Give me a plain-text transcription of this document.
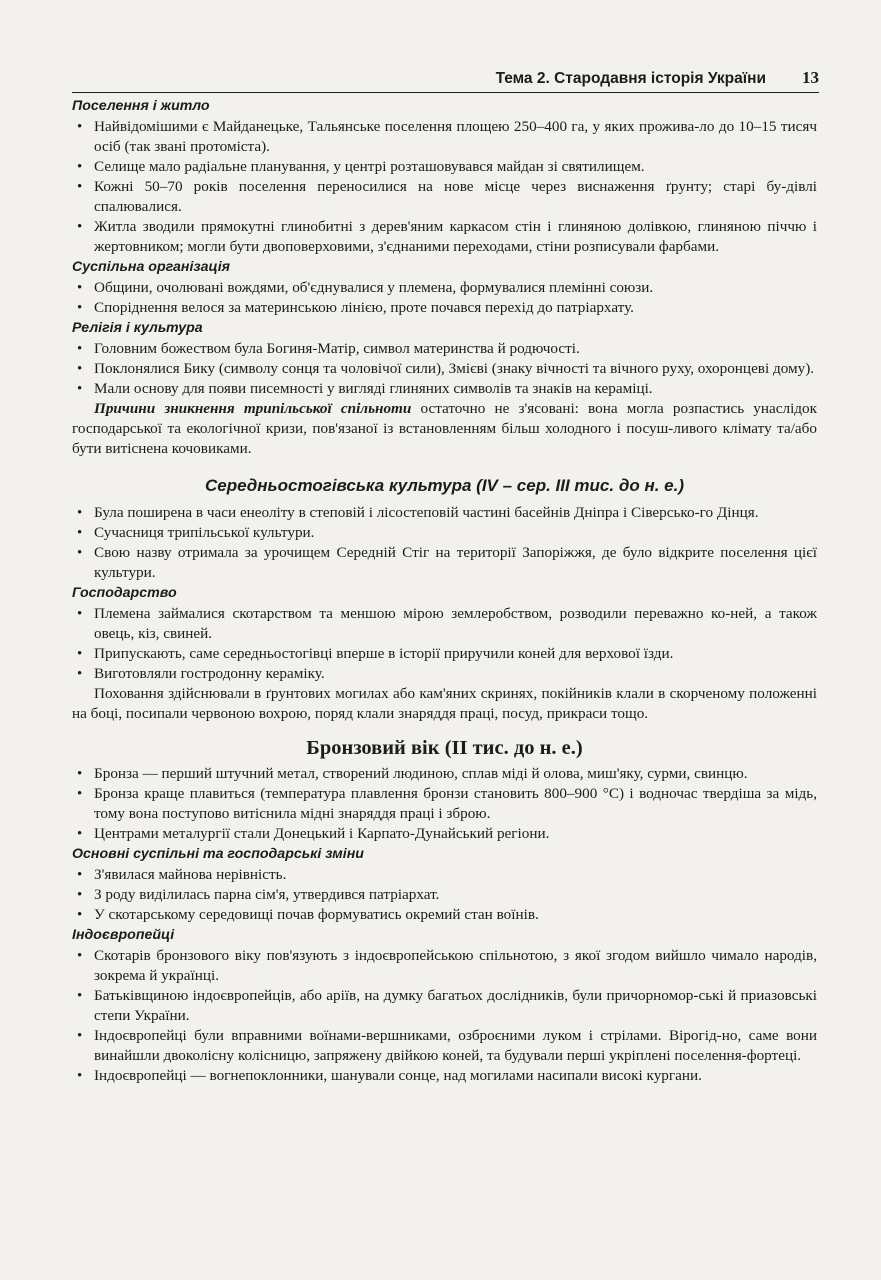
Тема 2. Стародавня історія України	13
Поселення і житло
• Найвідомішими є Майданецьке, Тальянське поселення площею 250–400 га, у яких прожива-ло до 10–15 тисяч осіб (так звані протоміста).
• Селище мало радіальне планування, у центрі розташовувався майдан зі святилищем.
• Кожні 50–70 років поселення переносилися на нове місце через виснаження ґрунту; старі бу-дівлі спалювалися.
• Житла зводили прямокутні глинобитні з дерев'яним каркасом стін і глиняною долівкою, глиняною піччю і жертовником; могли бути двоповерховими, з'єднаними переходами, стіни розписували фарбами.
Суспільна організація
• Общини, очолювані вождями, об'єднувалися у племена, формувалися племінні союзи.
• Споріднення велося за материнською лінією, проте почався перехід до патріархату.
Релігія і культура
• Головним божеством була Богиня-Матір, символ материнства й родючості.
• Поклонялися Бику (символу сонця та чоловічої сили), Змієві (знаку вічності та вічного руху, охоронцеві дому).
• Мали основу для появи писемності у вигляді глиняних символів та знаків на кераміці.

Причини зникнення трипільської спільноти остаточно не з'ясовані: вона могла розпастись унаслідок господарської та екологічної кризи, пов'язаної із встановленням більш холодного і посуш-ливого клімату та/або бути витіснена кочовиками.

Середньостогівська культура (IV – сер. III тис. до н. е.)
• Була поширена в часи енеоліту в степовій і лісостеповій частині басейнів Дніпра і Сіверсько-го Дінця.
• Сучасниця трипільської культури.
• Свою назву отримала за урочищем Середній Стіг на території Запоріжжя, де було відкрите поселення цієї культури.
Господарство
• Племена займалися скотарством та меншою мірою землеробством, розводили переважно ко-ней, а також овець, кіз, свиней.
• Припускають, саме середньостогівці вперше в історії приручили коней для верхової їзди.
• Виготовляли гостродонну кераміку.

Поховання здійснювали в ґрунтових могилах або кам'яних скринях, покійників клали в скорченому положенні на боці, посипали червоною вохрою, поряд клали знаряддя праці, посуд, прикраси тощо.

Бронзовий вік (II тис. до н. е.)
• Бронза — перший штучний метал, створений людиною, сплав міді й олова, миш'яку, сурми, свинцю.
• Бронза краще плавиться (температура плавлення бронзи становить 800–900 °C) і водночас твердіша за мідь, тому вона поступово витіснила мідні знаряддя праці і зброю.
• Центрами металургії стали Донецький і Карпато-Дунайський регіони.
Основні суспільні та господарські зміни
• З'явилася майнова нерівність.
• З роду виділилась парна сім'я, утвердився патріархат.
• У скотарському середовищі почав формуватись окремий стан воїнів.
Індоєвропейці
• Скотарів бронзового віку пов'язують з індоєвропейською спільнотою, з якої згодом вийшло чимало народів, зокрема й українці.
• Батьківщиною індоєвропейців, або аріїв, на думку багатьох дослідників, були причорномор-ські й приазовські степи України.
• Індоєвропейці були вправними воїнами-вершниками, озброєними луком і стрілами. Вірогід-но, саме вони винайшли двоколісну колісницю, запряжену двійкою коней, та будували перші укріплені поселення-фортеці.
• Індоєвропейці — вогнепоклонники, шанували сонце, над могилами насипали високі кургани.
